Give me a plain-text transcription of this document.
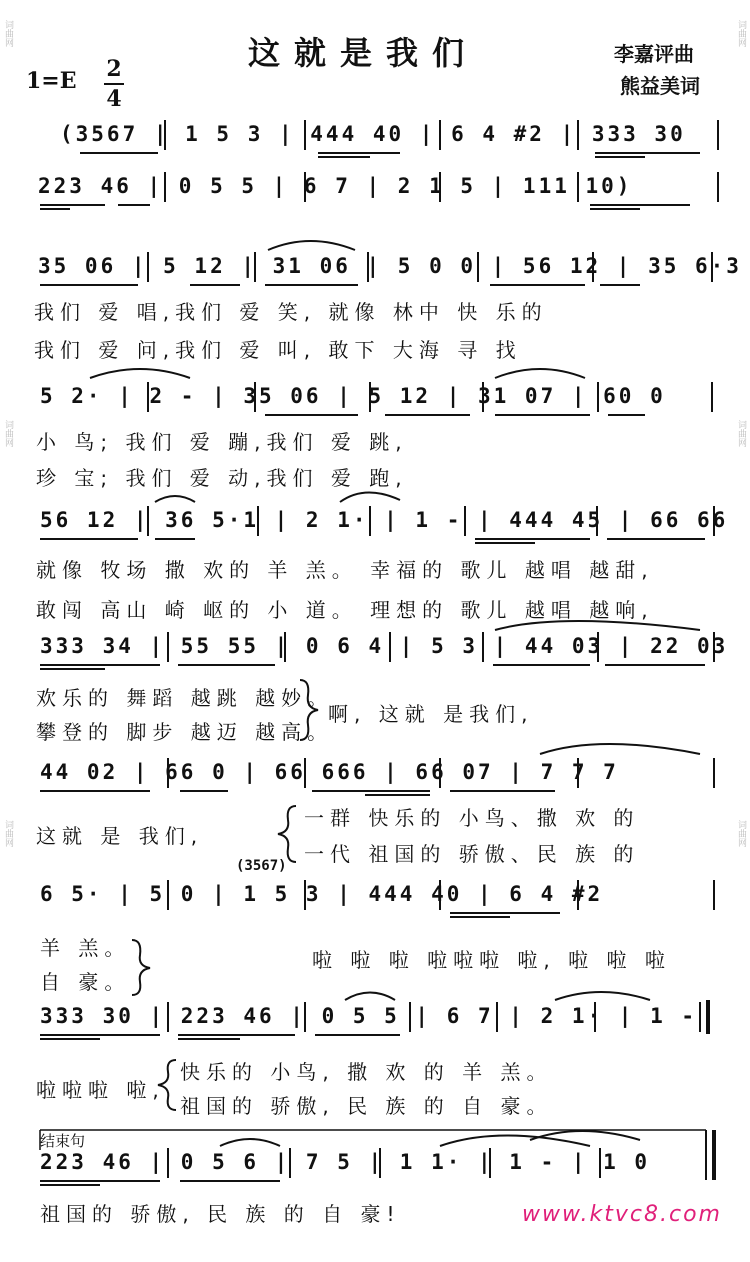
这就是我们	李嘉评曲
熊益美词
1=E 2
4
(3567 | 1 5 3 | 444 40 | 6 4 #2 | 333 30
223 46 | 0 5 5 | 6 7 | 2 1 5 | 111 10)
35 06 | 5 12 | 31 06 | 5 0 0 | 56 12 | 35 6·3
我们 爱 唱,我们 爱 笑, 就像 林中 快 乐的
我们 爱 问,我们 爱 叫, 敢下 大海 寻 找
5 2· | 2 - | 35 06 | 5 12 | 31 07 | 60 0
小 鸟; 我们 爱 蹦,我们 爱 跳,
珍 宝; 我们 爱 动,我们 爱 跑,
56 12 | 36 5·1 | 2 1· | 1 - | 444 45 | 66 66
就像 牧场 撒 欢的 羊 羔。 幸福的 歌儿 越唱 越甜,
敢闯 高山 崎 岖的 小 道。 理想的 歌儿 越唱 越响,
333 34 | 55 55 | 0 6 4 | 5 3 | 44 03 | 22 03
欢乐的 舞蹈 越跳 越妙。
攀登的 脚步 越迈 越高。
啊, 这就 是我们,
44 02 | 66 0 | 66 666 | 66 07 | 7 7 7
这就 是 我们,
一群 快乐的 小鸟、撒 欢 的
一代 祖国的 骄傲、民 族 的
(3567)
6 5· | 5 0 | 1 5 3 | 444 40 | 6 4 #2
羊 羔。
自 豪。
啦 啦 啦 啦啦啦 啦, 啦 啦 啦
333 30 | 223 46 | 0 5 5 | 6 7 | 2 1· | 1 -
啦啦啦 啦,
快乐的 小鸟, 撒 欢 的 羊 羔。
祖国的 骄傲, 民 族 的 自 豪。
结束句
223 46 | 0 5 6 | 7 5 | 1 1· | 1 - | 1 0
祖国的 骄傲, 民 族 的 自 豪!	www.ktvc8.com
词曲网
词曲网
词曲网
词曲网
词曲网
词曲网
